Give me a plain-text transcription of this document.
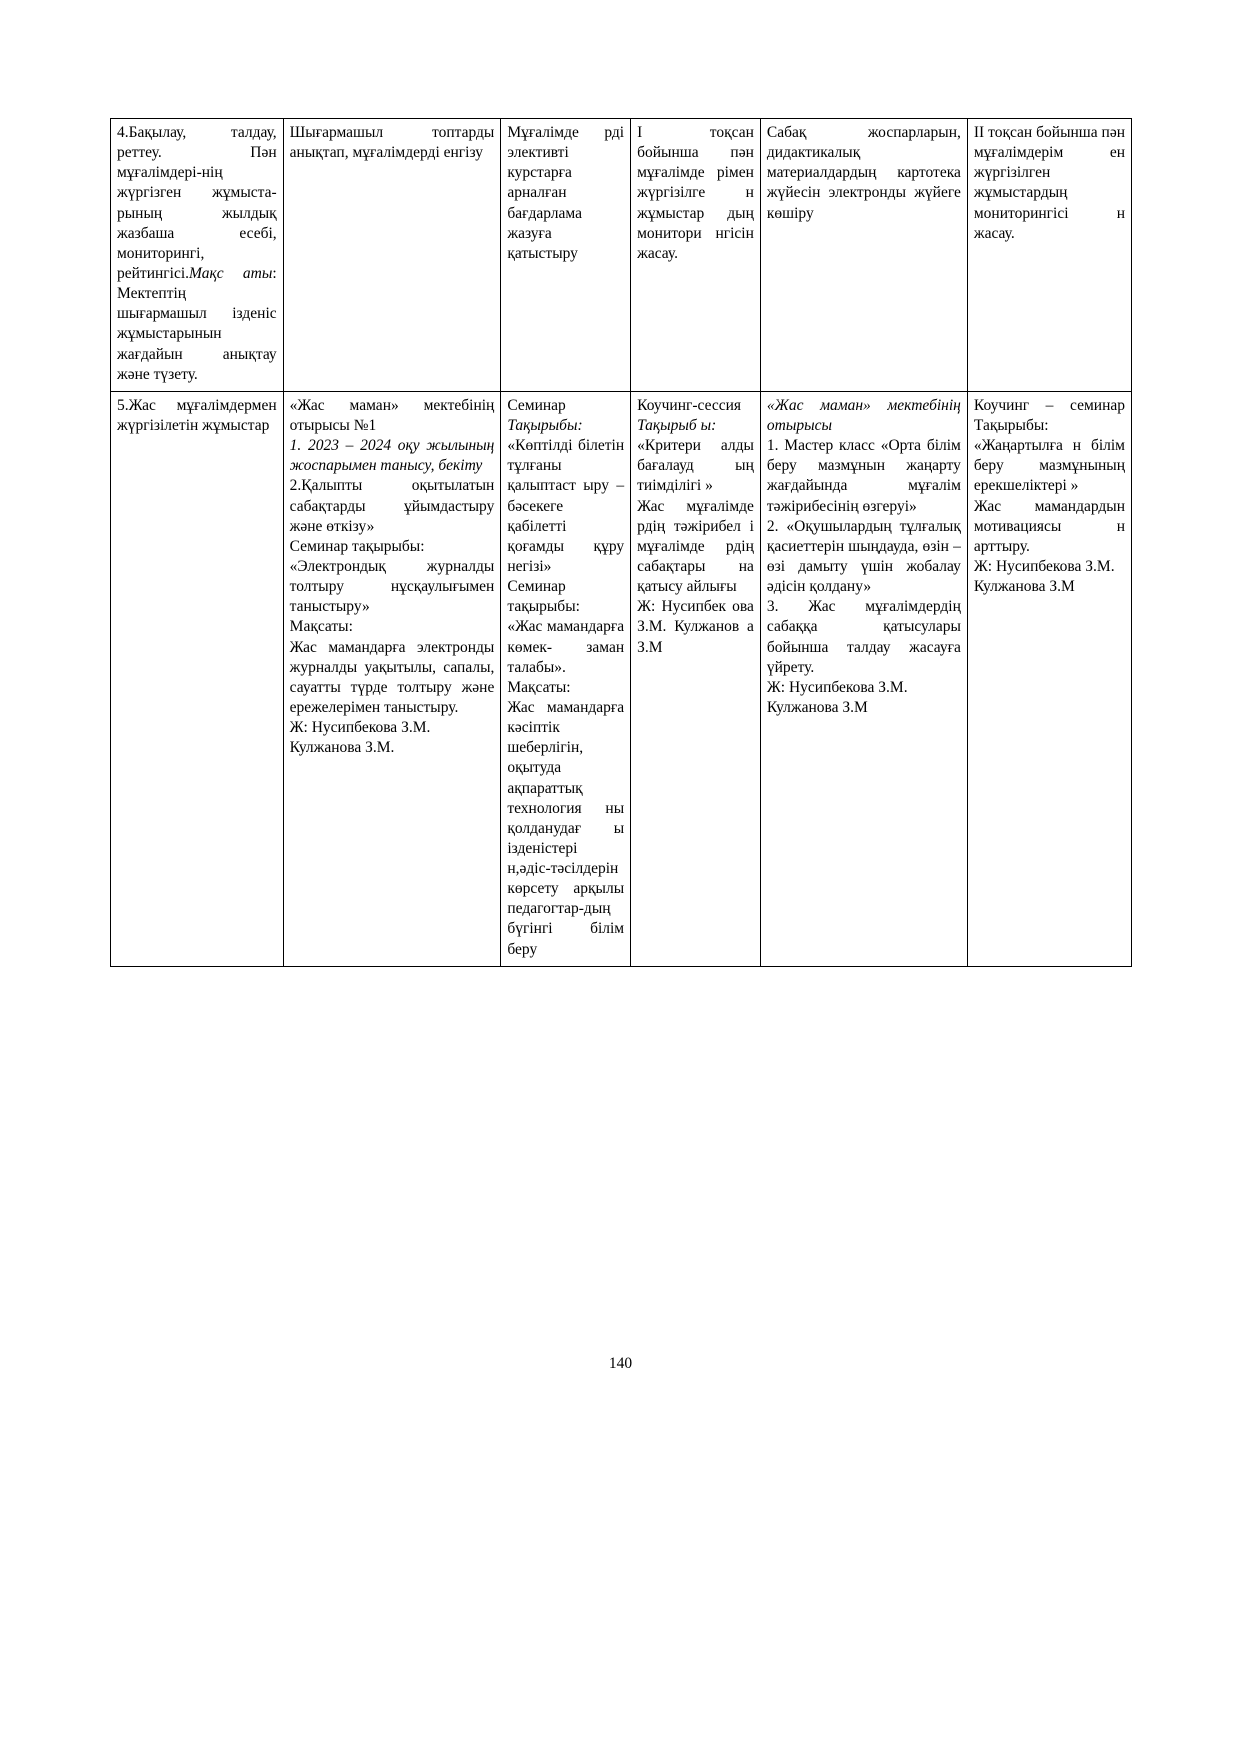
4.Бақылау, талдау, реттеу. Пән мұғалімдері-нің жүргізген жұмыста-рының жылдық жазбаша есебі, мониторингі, рейтингісі.Мақс аты: Мектептің шығармашыл ізденіс жұмыстарынын жағдайын анықтау және түзету.	Шығармашыл топтарды анықтап, мұғалімдерді енгізу	Мұғалімде рді элективті курстарға арналған бағдарлама жазуға қатыстыру	І тоқсан бойынша пән мұғалімде рімен жүргізілге н жұмыстар дың монитори нгісін жасау.	Сабақ жоспарларын, дидактикалық материалдардың картотека жүйесін электронды жүйеге көшіру	ІІ тоқсан бойынша пән мұғалімдерім ен жүргізілген жұмыстардың мониторингісі н жасау.
5.Жас мұғалімдермен жүргізілетін жұмыстар	«Жас маман» мектебінің отырысы №1
1. 2023 – 2024 оқу жылының жоспарымен танысу, бекіту
2.Қалыпты оқытылатын сабақтарды ұйымдастыру және өткізу»
Семинар тақырыбы:
«Электрондық журналды толтыру нұсқаулығымен таныстыру»
Мақсаты:
Жас мамандарға электронды журналды уақытылы, сапалы, сауатты түрде толтыру және ережелерімен таныстыру.
Ж: Нусипбекова З.М.
Кулжанова З.М.	Семинар
Тақырыбы:
«Көптілді білетін тұлғаны қалыптаст ыру – бәсекеге қабілетті қоғамды құру негізі»
Семинар тақырыбы:
«Жас мамандарға көмек- заман талабы».
Мақсаты:
Жас мамандарға кәсіптік шеберлігін, оқытуда ақпараттық технология ны қолданудағ ы ізденістері н,әдіс-тәсілдерін көрсету арқылы педагогтар-дың бүгінгі білім беру	Коучинг-сессия
Тақырыб ы:
«Критери алды бағалауд ың тиімділігі »
Жас мұғалімде рдің тәжірибел і мұғалімде рдің сабақтары на қатысу айлығы
Ж: Нусипбек ова З.М. Кулжанов а З.М	«Жас маман» мектебінің отырысы
1. Мастер класс «Орта білім беру мазмұнын жаңарту жағдайында мұғалім тәжірибесінің өзгеруі»
2. «Оқушылардың тұлғалық қасиеттерін шыңдауда, өзін – өзі дамыту үшін жобалау әдісін қолдану»
3. Жас мұғалімдердің сабаққа қатысулары бойынша талдау жасауға үйрету.
Ж: Нусипбекова З.М.
Кулжанова З.М	Коучинг – семинар Тақырыбы: «Жаңартылға н білім беру мазмұнының ерекшеліктері »
Жас мамандардын мотивациясы н арттыру.
Ж: Нусипбекова З.М.
Кулжанова З.М
140
